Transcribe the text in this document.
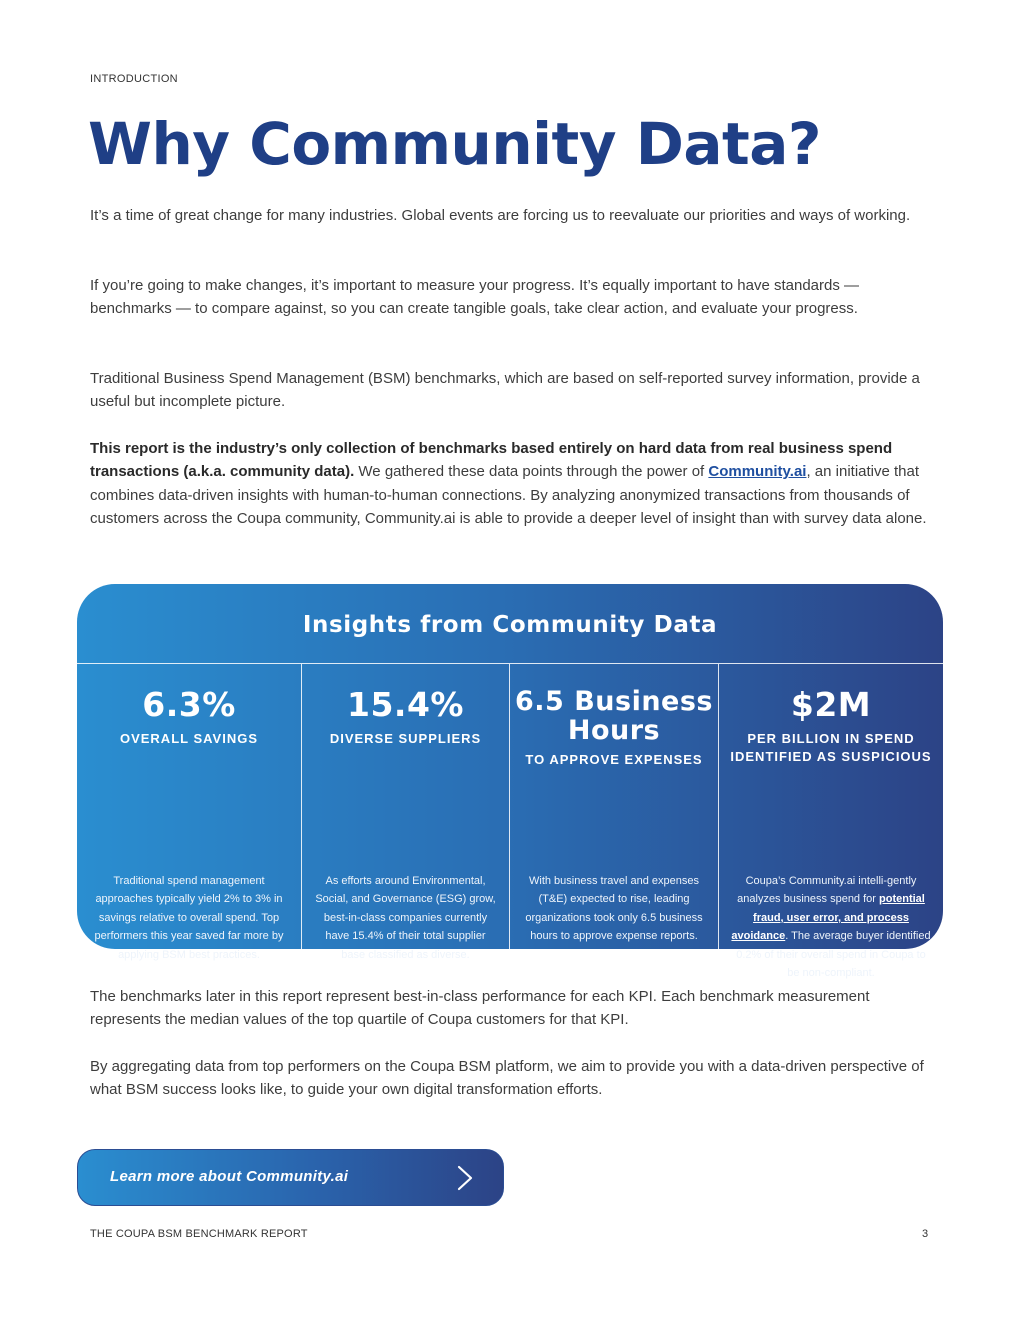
INTRODUCTION
Why Community Data?

It’s a time of great change for many industries. Global events are forcing us to reevaluate our priorities and ways of working.

If you’re going to make changes, it’s important to measure your progress. It’s equally important to have standards — benchmarks — to compare against, so you can create tangible goals, take clear action, and evaluate your progress.

Traditional Business Spend Management (BSM) benchmarks, which are based on self-reported survey information, provide a useful but incomplete picture.

This report is the industry’s only collection of benchmarks based entirely on hard data from real business spend transactions (a.k.a. community data). We gathered these data points through the power of Community.ai, an initiative that combines data-driven insights with human-to-human connections. By analyzing anonymized transactions from thousands of customers across the Coupa community, Community.ai is able to provide a deeper level of insight than with survey data alone.

Insights from Community Data
6.3%
OVERALL SAVINGS
Traditional spend management approaches typically yield 2% to 3% in savings relative to overall spend. Top performers this year saved far more by applying BSM best practices.
15.4%
DIVERSE SUPPLIERS
As efforts around Environmental, Social, and Governance (ESG) grow, best-in-class companies currently have 15.4% of their total supplier base classified as diverse.
6.5 Business Hours
TO APPROVE EXPENSES
With business travel and expenses (T&E) expected to rise, leading organizations took only 6.5 business hours to approve expense reports.
$2M
PER BILLION IN SPEND IDENTIFIED AS SUSPICIOUS
Coupa’s Community.ai intelli-gently analyzes business spend for potential fraud, user error, and process avoidance. The average buyer identified 0.2% of their overall spend in Coupa to be non-compliant.

The benchmarks later in this report represent best-in-class performance for each KPI. Each benchmark measurement represents the median values of the top quartile of Coupa customers for that KPI.

By aggregating data from top performers on the Coupa BSM platform, we aim to provide you with a data-driven perspective of what BSM success looks like, to guide your own digital transformation efforts.

Learn more about Community.ai
THE COUPA BSM BENCHMARK REPORT	3
